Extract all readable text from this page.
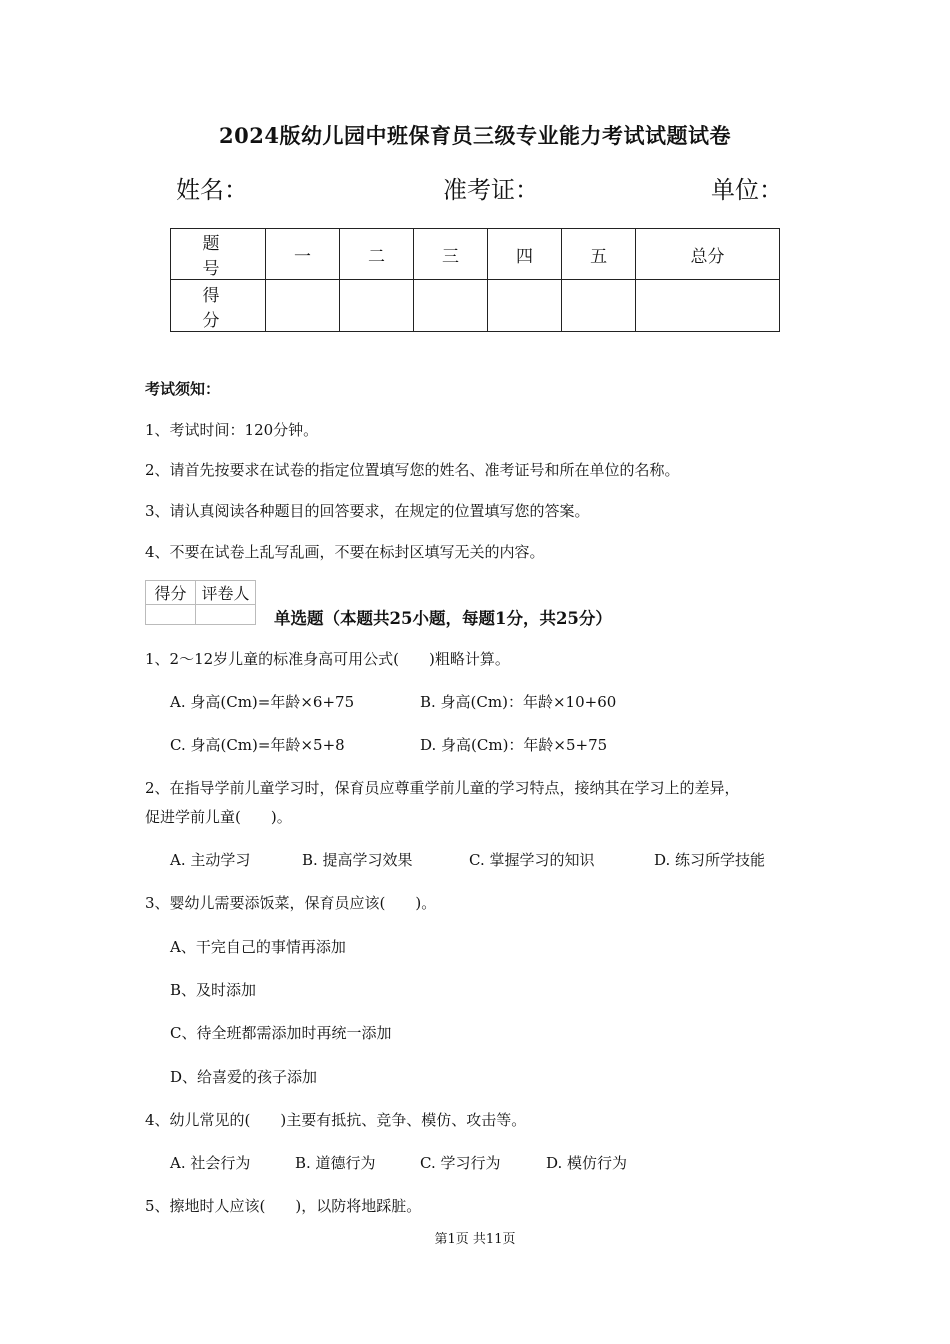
2024版幼儿园中班保育员三级专业能力考试试题试卷
姓名：	准考证：	单位：
题 号	一	二	三	四	五	总分
得 分						
考试须知：
1、考试时间：120分钟。
2、请首先按要求在试卷的指定位置填写您的姓名、准考证号和所在单位的名称。
3、请认真阅读各种题目的回答要求，在规定的位置填写您的答案。
4、不要在试卷上乱写乱画，不要在标封区填写无关的内容。
得分	评卷人

单选题（本题共25小题，每题1分，共25分）
1、2～12岁儿童的标准身高可用公式(　　)粗略计算。
A. 身高(Cm)=年龄×6+75	B. 身高(Cm)：年龄×10+60
C. 身高(Cm)=年龄×5+8	D. 身高(Cm)：年龄×5+75
2、在指导学前儿童学习时，保育员应尊重学前儿童的学习特点，接纳其在学习上的差异，
促进学前儿童(　　)。
A. 主动学习	B. 提高学习效果	C. 掌握学习的知识	D. 练习所学技能
3、婴幼儿需要添饭菜，保育员应该(　　)。
A、干完自己的事情再添加
B、及时添加
C、待全班都需添加时再统一添加
D、给喜爱的孩子添加
4、幼儿常见的(　　)主要有抵抗、竞争、模仿、攻击等。
A. 社会行为	B. 道德行为	C. 学习行为	D. 模仿行为
5、擦地时人应该(　　)，以防将地踩脏。
第1页 共11页
